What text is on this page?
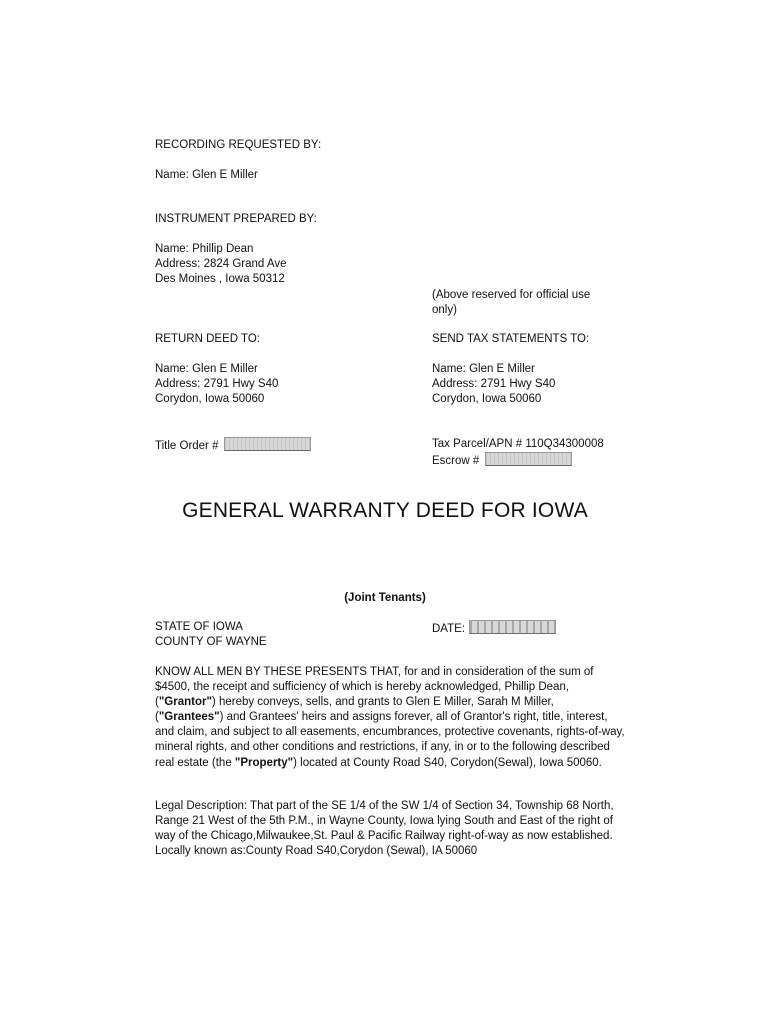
RECORDING REQUESTED BY:
Name: Glen E Miller
INSTRUMENT PREPARED BY:
Name: Phillip Dean
Address: 2824 Grand Ave
Des Moines , Iowa 50312
(Above reserved for official use
only)
RETURN DEED TO:
Name: Glen E Miller
Address: 2791 Hwy S40
Corydon, Iowa 50060
SEND TAX STATEMENTS TO:
Name: Glen E Miller
Address: 2791 Hwy S40
Corydon, Iowa 50060
Title Order #	Tax Parcel/APN # 110Q34300008
Escrow #
GENERAL WARRANTY DEED FOR IOWA
(Joint Tenants)
STATE OF IOWA
COUNTY OF WAYNE
DATE:

KNOW ALL MEN BY THESE PRESENTS THAT, for and in consideration of the sum of $4500, the receipt and sufficiency of which is hereby acknowledged, Phillip Dean, ("Grantor") hereby conveys, sells, and grants to Glen E Miller, Sarah M Miller, ("Grantees") and Grantees' heirs and assigns forever, all of Grantor's right, title, interest, and claim, and subject to all easements, encumbrances, protective covenants, rights-of-way, mineral rights, and other conditions and restrictions, if any, in or to the following described real estate (the "Property") located at County Road S40, Corydon(Sewal), Iowa 50060.

Legal Description: That part of the SE 1/4 of the SW 1/4 of Section 34, Township 68 North, Range 21 West of the 5th P.M., in Wayne County, Iowa lying South and East of the right of way of the Chicago,Milwaukee,St. Paul & Pacific Railway right-of-way as now established. Locally known as:County Road S40,Corydon (Sewal), IA 50060
